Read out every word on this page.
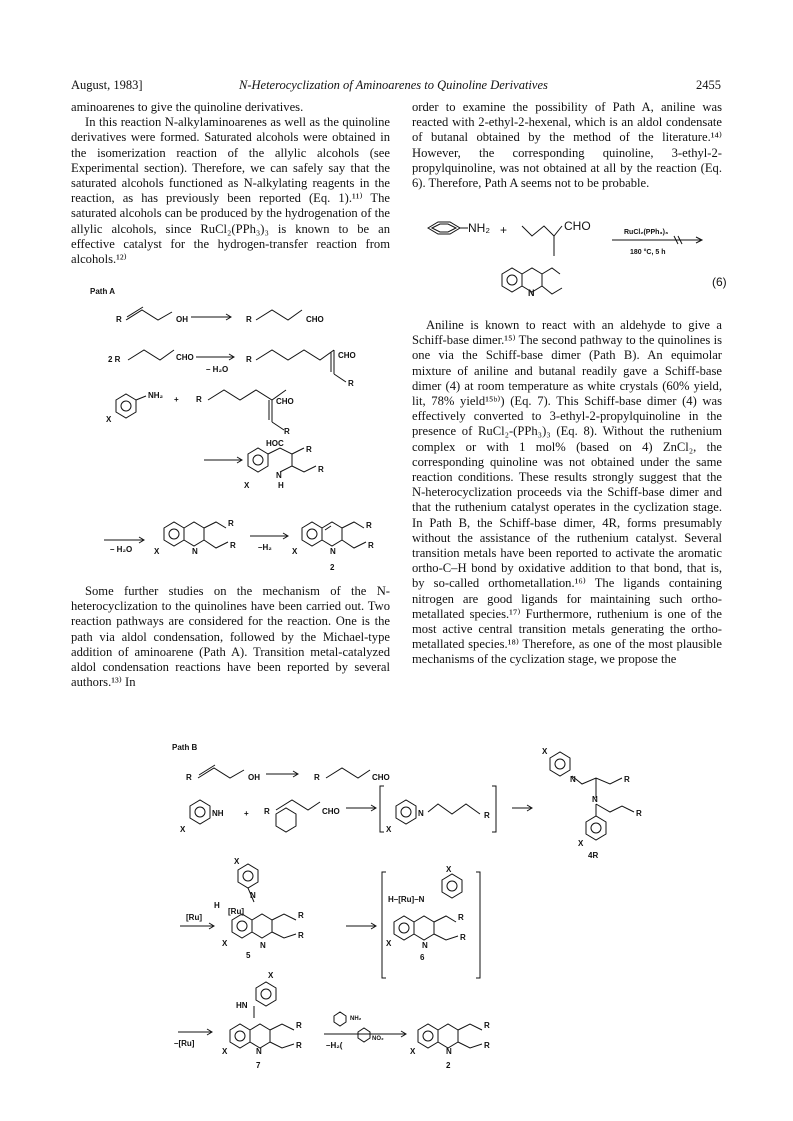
August, 1983]	N-Heterocyclization of Aminoarenes to Quinoline Derivatives	2455

aminoarenes to give the quinoline derivatives.

In this reaction N-alkylaminoarenes as well as the quinoline derivatives were formed. Saturated alcohols were obtained in the isomerization reaction of the allylic alcohols (see Experimental section). Therefore, we can safely say that the saturated alcohols functioned as N-alkylating reagents in the reaction, as has previously been reported (Eq. 1).¹¹⁾ The saturated alcohols can be produced by the hydrogenation of the allylic alcohols, since RuCl₂(PPh₃)₃ is known to be an effective catalyst for the hydrogen-transfer reaction from alcohols.¹²⁾

Path A
R	OH	R	CHO
2 R	CHO
– H₂O
R	CHO
R
X
NH₂ + R	CHO
R
HOC
R
N
H
X
R
– H₂O	X	N
R
R	–H₂	X	N
R
R
2

Some further studies on the mechanism of the N-heterocyclization to the quinolines have been carried out. Two reaction pathways are considered for the reaction. One is the path via aldol condensation, followed by the Michael-type addition of aminoarene (Path A). Transition metal-catalyzed aldol condensation reactions have been reported by several authors.¹³⁾ In

order to examine the possibility of Path A, aniline was reacted with 2-ethyl-2-hexenal, which is an aldol condensate of butanal obtained by the method of the literature.¹⁴⁾ However, the corresponding quinoline, 3-ethyl-2-propylquinoline, was not obtained at all by the reaction (Eq. 6). Therefore, Path A seems not to be probable.

NH₂ +	CHO
(6)
RuCl₂(PPh₃)₃
180 °C, 5 h
N

Aniline is known to react with an aldehyde to give a Schiff-base dimer.¹⁵⁾ The second pathway to the quinolines is one via the Schiff-base dimer (Path B). An equimolar mixture of aniline and butanal readily gave a Schiff-base dimer (4) at room temperature as white crystals (60% yield, lit, 78% yield¹⁵ᵇ⁾) (Eq. 7). This Schiff-base dimer (4) was effectively converted to 3-ethyl-2-propylquinoline in the presence of RuCl₂-(PPh₃)₃ (Eq. 8). Without the ruthenium complex or with 1 mol% (based on 4) ZnCl₂, the corresponding quinoline was not obtained under the same reaction conditions. These results strongly suggest that the N-heterocyclization proceeds via the Schiff-base dimer and that the ruthenium catalyst operates in the cyclization stage. In Path B, the Schiff-base dimer, 4R, forms presumably without the assistance of the ruthenium catalyst. Several transition metals have been reported to activate the aromatic ortho-C–H bond by oxidative addition to that bond, that is, by so-called orthometallation.¹⁶⁾ The ligands containing nitrogen are good ligands for maintaining such ortho-metallated species.¹⁷⁾ Furthermore, ruthenium is one of the most active central transition metals generating the ortho-metallated species.¹⁸⁾ Therefore, as one of the most plausible mechanisms of the cyclization stage, we propose the

Path B
R	OH	R	CHO
X
NH	+ R	CHO
X
N	R
X
N	R
N
R
X
4R
X
N
H
[Ru]
[Ru]	R
R
X	N
5
X
H–[Ru]–N
R
R
X	N
6
X
HN
R
R
–[Ru]
X	N
7
NH₂
–H₂(
NO₂
X	N
R
R
2
